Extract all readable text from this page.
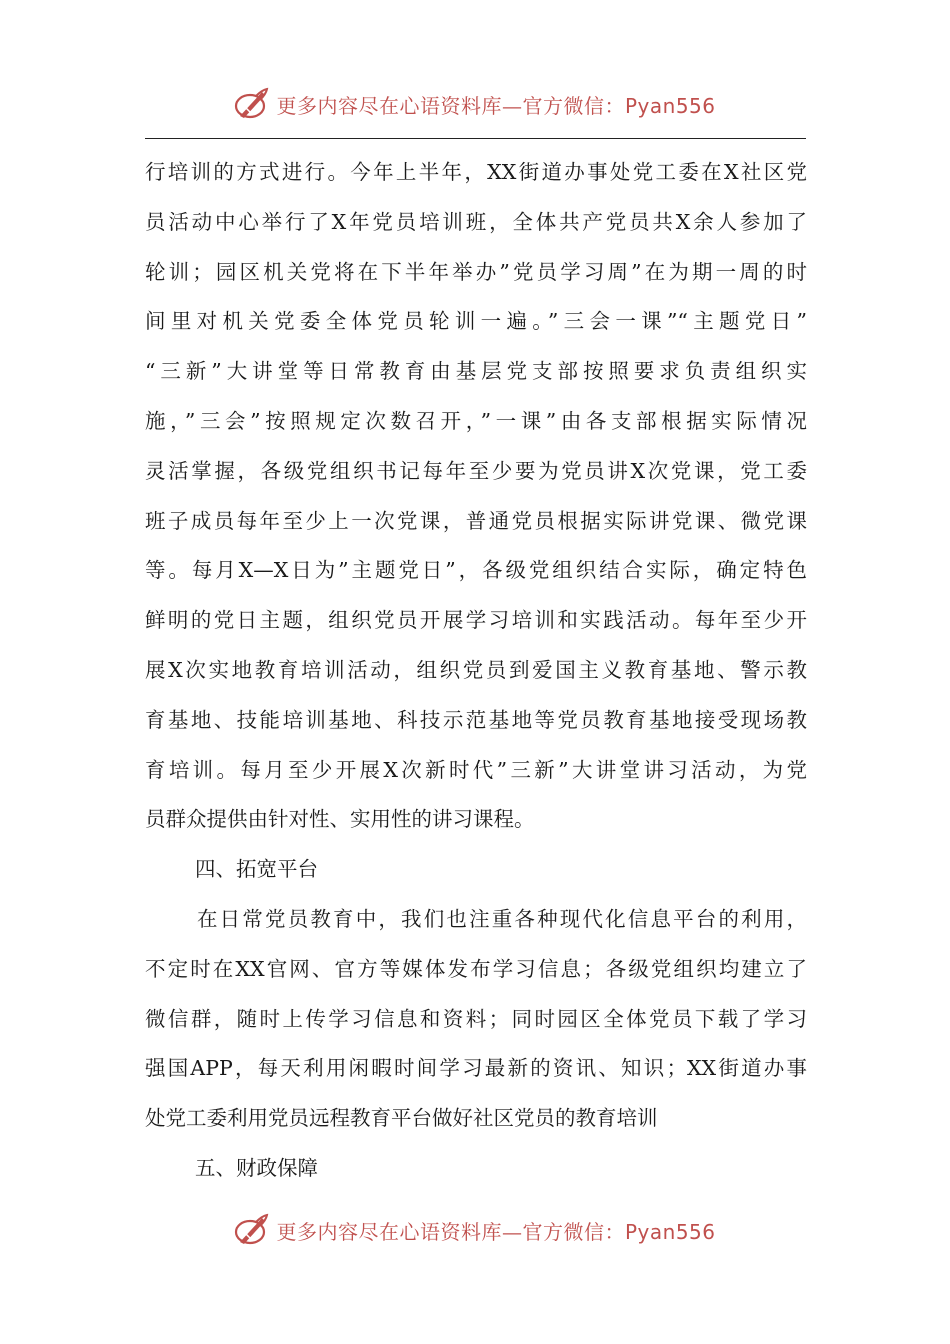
更多内容尽在心语资料库—官方微信：Pyan556
行培训的方式进行。今年上半年，XX街道办事处党工委在X社区党
员活动中心举行了X年党员培训班，全体共产党员共X余人参加了
轮训；园区机关党将在下半年举办”党员学习周”在为期一周的时
间里对机关党委全体党员轮训一遍。”三会一课”“主题党日”
“三新”大讲堂等日常教育由基层党支部按照要求负责组织实
施，”三会”按照规定次数召开，”一课”由各支部根据实际情况
灵活掌握，各级党组织书记每年至少要为党员讲X次党课，党工委
班子成员每年至少上一次党课，普通党员根据实际讲党课、微党课
等。每月X—X日为”主题党日”，各级党组织结合实际，确定特色
鲜明的党日主题，组织党员开展学习培训和实践活动。每年至少开
展X次实地教育培训活动，组织党员到爱国主义教育基地、警示教
育基地、技能培训基地、科技示范基地等党员教育基地接受现场教
育培训。每月至少开展X次新时代”三新”大讲堂讲习活动，为党
员群众提供由针对性、实用性的讲习课程。
四、拓宽平台
在日常党员教育中，我们也注重各种现代化信息平台的利用，
不定时在XX官网、官方等媒体发布学习信息；各级党组织均建立了
微信群，随时上传学习信息和资料；同时园区全体党员下载了学习
强国APP，每天利用闲暇时间学习最新的资讯、知识；XX街道办事
处党工委利用党员远程教育平台做好社区党员的教育培训
五、财政保障
更多内容尽在心语资料库—官方微信：Pyan556
